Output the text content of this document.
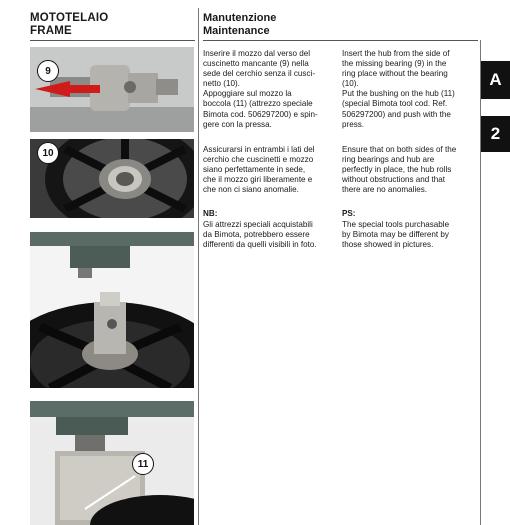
MOTOTELAIO
FRAME
Manutenzione
Maintenance
A
2
9
10
11
Inserire il mozzo dal verso del
cuscinetto mancante (9) nella
sede del cerchio senza il cusci-
netto (10).
Appoggiare sul mozzo la
boccola (11) (attrezzo speciale
Bimota cod. 506297200) e spin-
gere con la pressa.
Assicurarsi in entrambi i lati del
cerchio che cuscinetti e mozzo
siano perfettamente in sede,
che il mozzo giri liberamente e
che non ci siano anomalie.
Insert the hub from the side of
the missing bearing (9) in the
ring place without the bearing
(10).
Put the bushing on the hub (11)
(special Bimota tool cod. Ref.
506297200) and push with the
press.
Ensure that on both sides of the
ring bearings and hub are
perfectly in place, the hub rolls
without obstructions and that
there are no anomalies.
NB:
Gli attrezzi speciali acquistabili
da Bimota, potrebbero essere
differenti da quelli visibili in foto.
PS:
The special tools purchasable
by Bimota may be different by
those showed in pictures.
